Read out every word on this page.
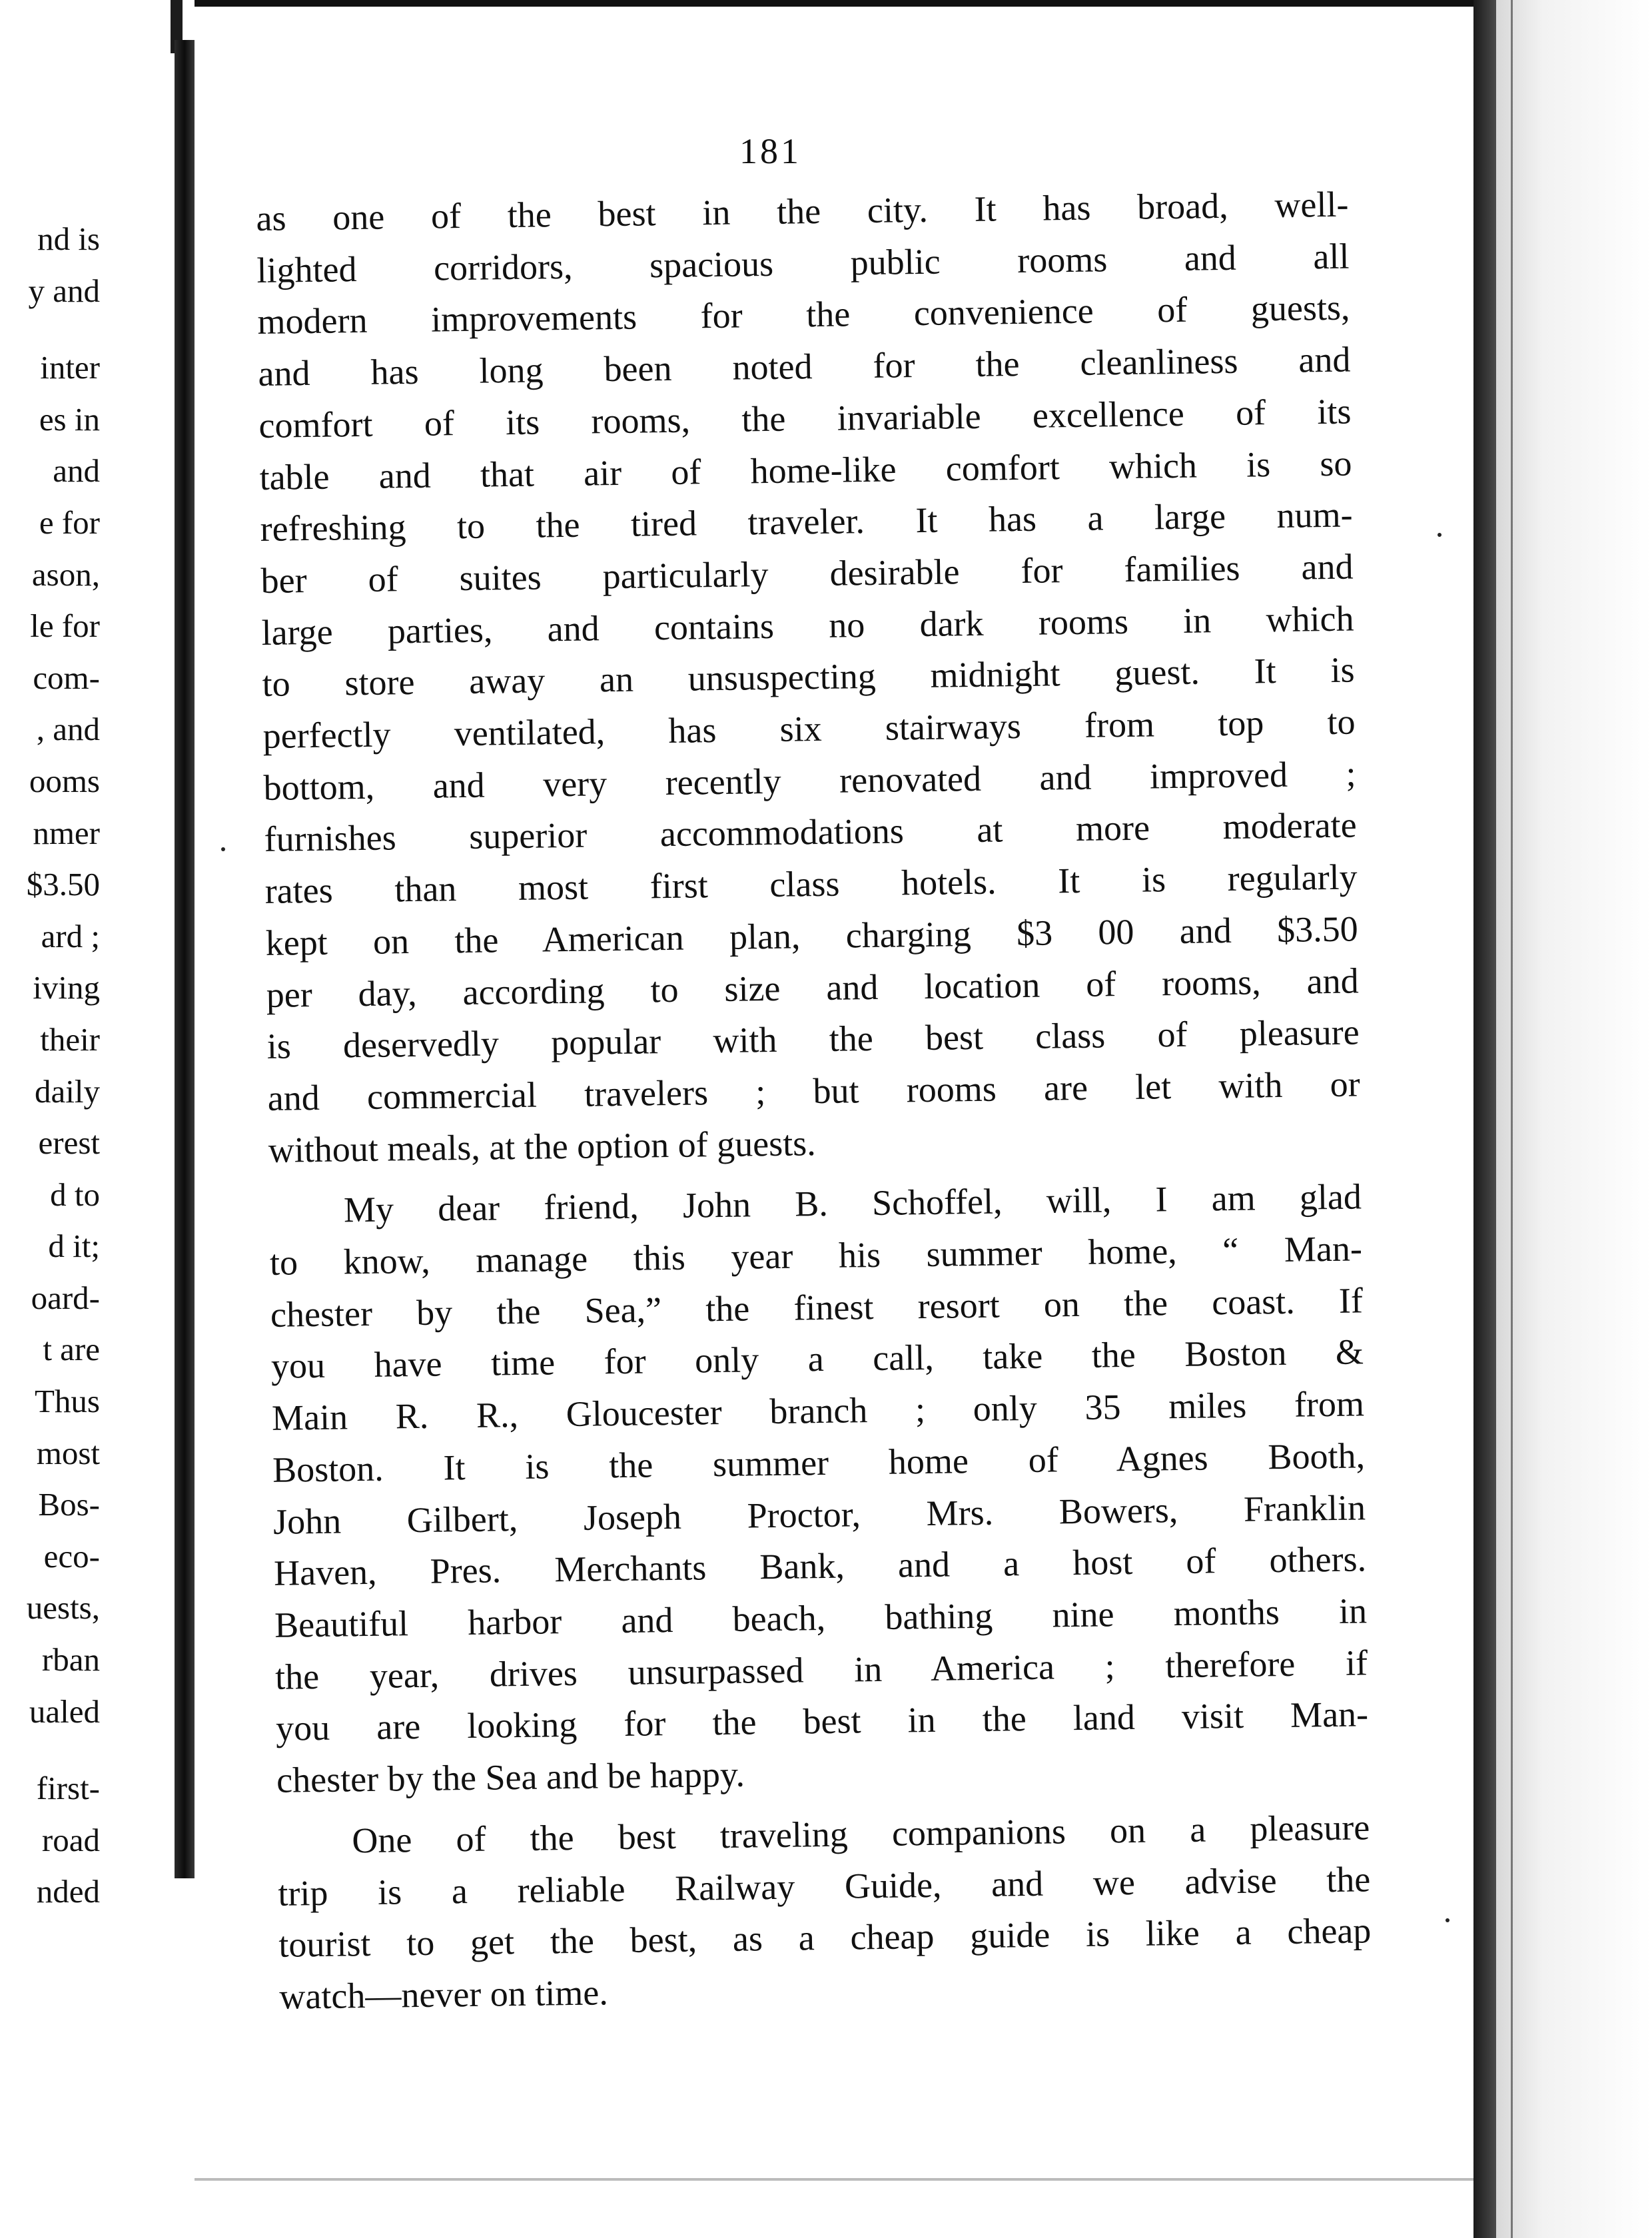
nd is
y and
inter
es in
and
e for
ason,
le for
com-
, and
ooms
nmer
$3.50
ard ;
iving
their
daily
erest
d to
d it;
oard-
t are
Thus
most
Bos-
eco-
uests,
rban
ualed
first-
road
nded
181

as one of the best in the city. It has broad, well-

lighted corridors, spacious public rooms and all

modern improvements for the convenience of guests,

and has long been noted for the cleanliness and

comfort of its rooms, the invariable excellence of its

table and that air of home-like comfort which is so

refreshing to the tired traveler. It has a large num-

ber of suites particularly desirable for families and

large parties, and contains no dark rooms in which

to store away an unsuspecting midnight guest. It is

perfectly ventilated, has six stairways from top to

bottom, and very recently renovated and improved ;

furnishes superior accommodations at more moderate

rates than most first class hotels. It is regularly

kept on the American plan, charging $3 00 and $3.50

per day, according to size and location of rooms, and

is deservedly popular with the best class of pleasure

and commercial travelers ; but rooms are let with or

without meals, at the option of guests.

My dear friend, John B. Schoffel, will, I am glad

to know, manage this year his summer home, “ Man-

chester by the Sea,” the finest resort on the coast. If

you have time for only a call, take the Boston &

Main R. R., Gloucester branch ; only 35 miles from

Boston. It is the summer home of Agnes Booth,

John Gilbert, Joseph Proctor, Mrs. Bowers, Franklin

Haven, Pres. Merchants Bank, and a host of others.

Beautiful harbor and beach, bathing nine months in

the year, drives unsurpassed in America ; therefore if

you are looking for the best in the land visit Man-

chester by the Sea and be happy.

One of the best traveling companions on a pleasure

trip is a reliable Railway Guide, and we advise the

tourist to get the best, as a cheap guide is like a cheap

watch—never on time.
